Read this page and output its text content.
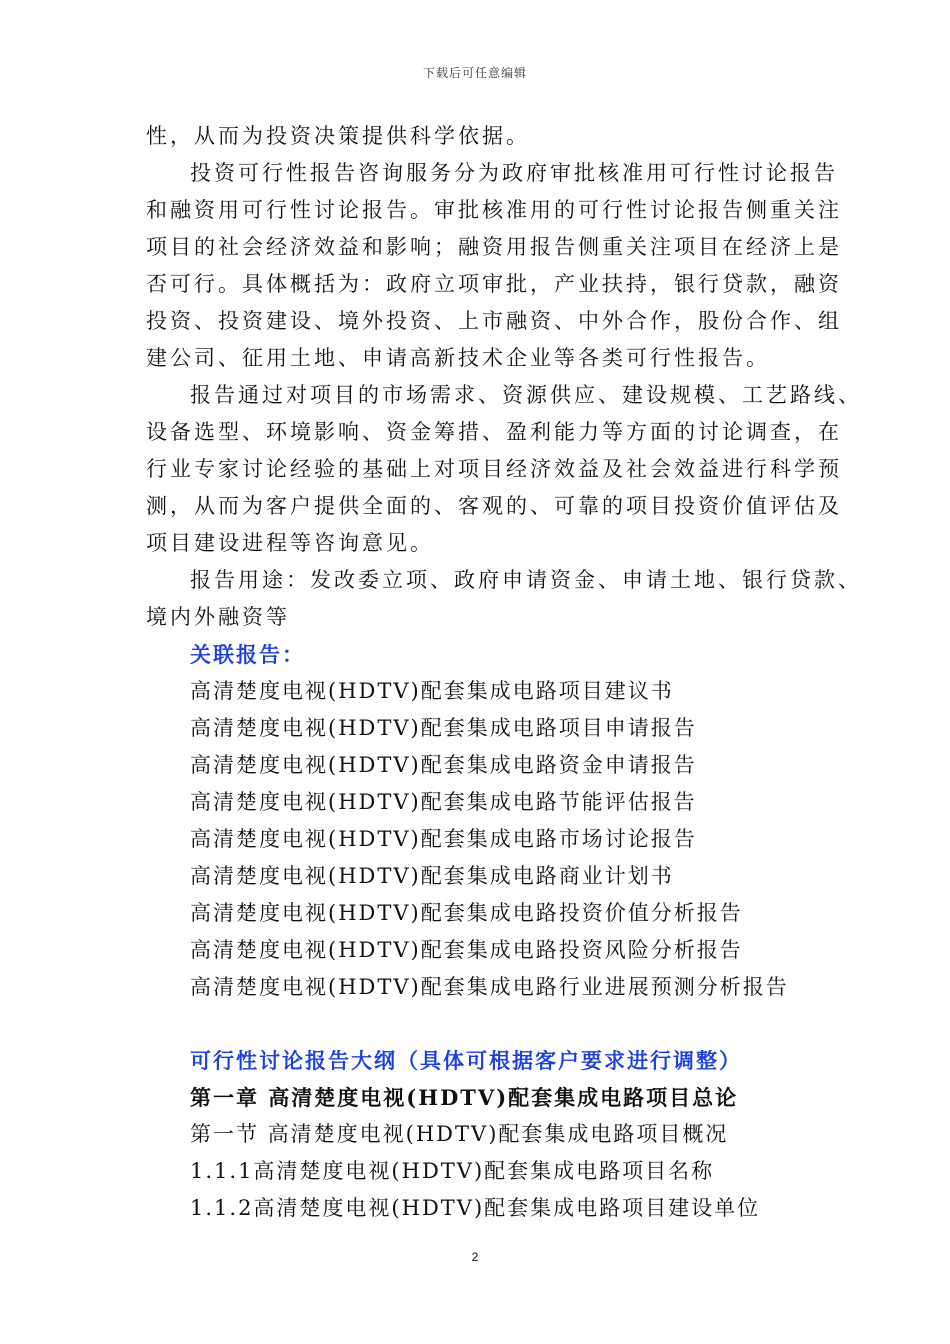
下载后可任意编辑
性，从而为投资决策提供科学依据。
投资可行性报告咨询服务分为政府审批核准用可行性讨论报告
和融资用可行性讨论报告。审批核准用的可行性讨论报告侧重关注
项目的社会经济效益和影响；融资用报告侧重关注项目在经济上是
否可行。具体概括为：政府立项审批，产业扶持，银行贷款，融资
投资、投资建设、境外投资、上市融资、中外合作，股份合作、组
建公司、征用土地、申请高新技术企业等各类可行性报告。
报告通过对项目的市场需求、资源供应、建设规模、工艺路线、
设备选型、环境影响、资金筹措、盈利能力等方面的讨论调查，在
行业专家讨论经验的基础上对项目经济效益及社会效益进行科学预
测，从而为客户提供全面的、客观的、可靠的项目投资价值评估及
项目建设进程等咨询意见。
报告用途：发改委立项、政府申请资金、申请土地、银行贷款、
境内外融资等
关联报告：
高清楚度电视(HDTV)配套集成电路项目建议书
高清楚度电视(HDTV)配套集成电路项目申请报告
高清楚度电视(HDTV)配套集成电路资金申请报告
高清楚度电视(HDTV)配套集成电路节能评估报告
高清楚度电视(HDTV)配套集成电路市场讨论报告
高清楚度电视(HDTV)配套集成电路商业计划书
高清楚度电视(HDTV)配套集成电路投资价值分析报告
高清楚度电视(HDTV)配套集成电路投资风险分析报告
高清楚度电视(HDTV)配套集成电路行业进展预测分析报告
可行性讨论报告大纲（具体可根据客户要求进行调整）
第一章 高清楚度电视(HDTV)配套集成电路项目总论
第一节 高清楚度电视(HDTV)配套集成电路项目概况
1.1.1高清楚度电视(HDTV)配套集成电路项目名称
1.1.2高清楚度电视(HDTV)配套集成电路项目建设单位
2
